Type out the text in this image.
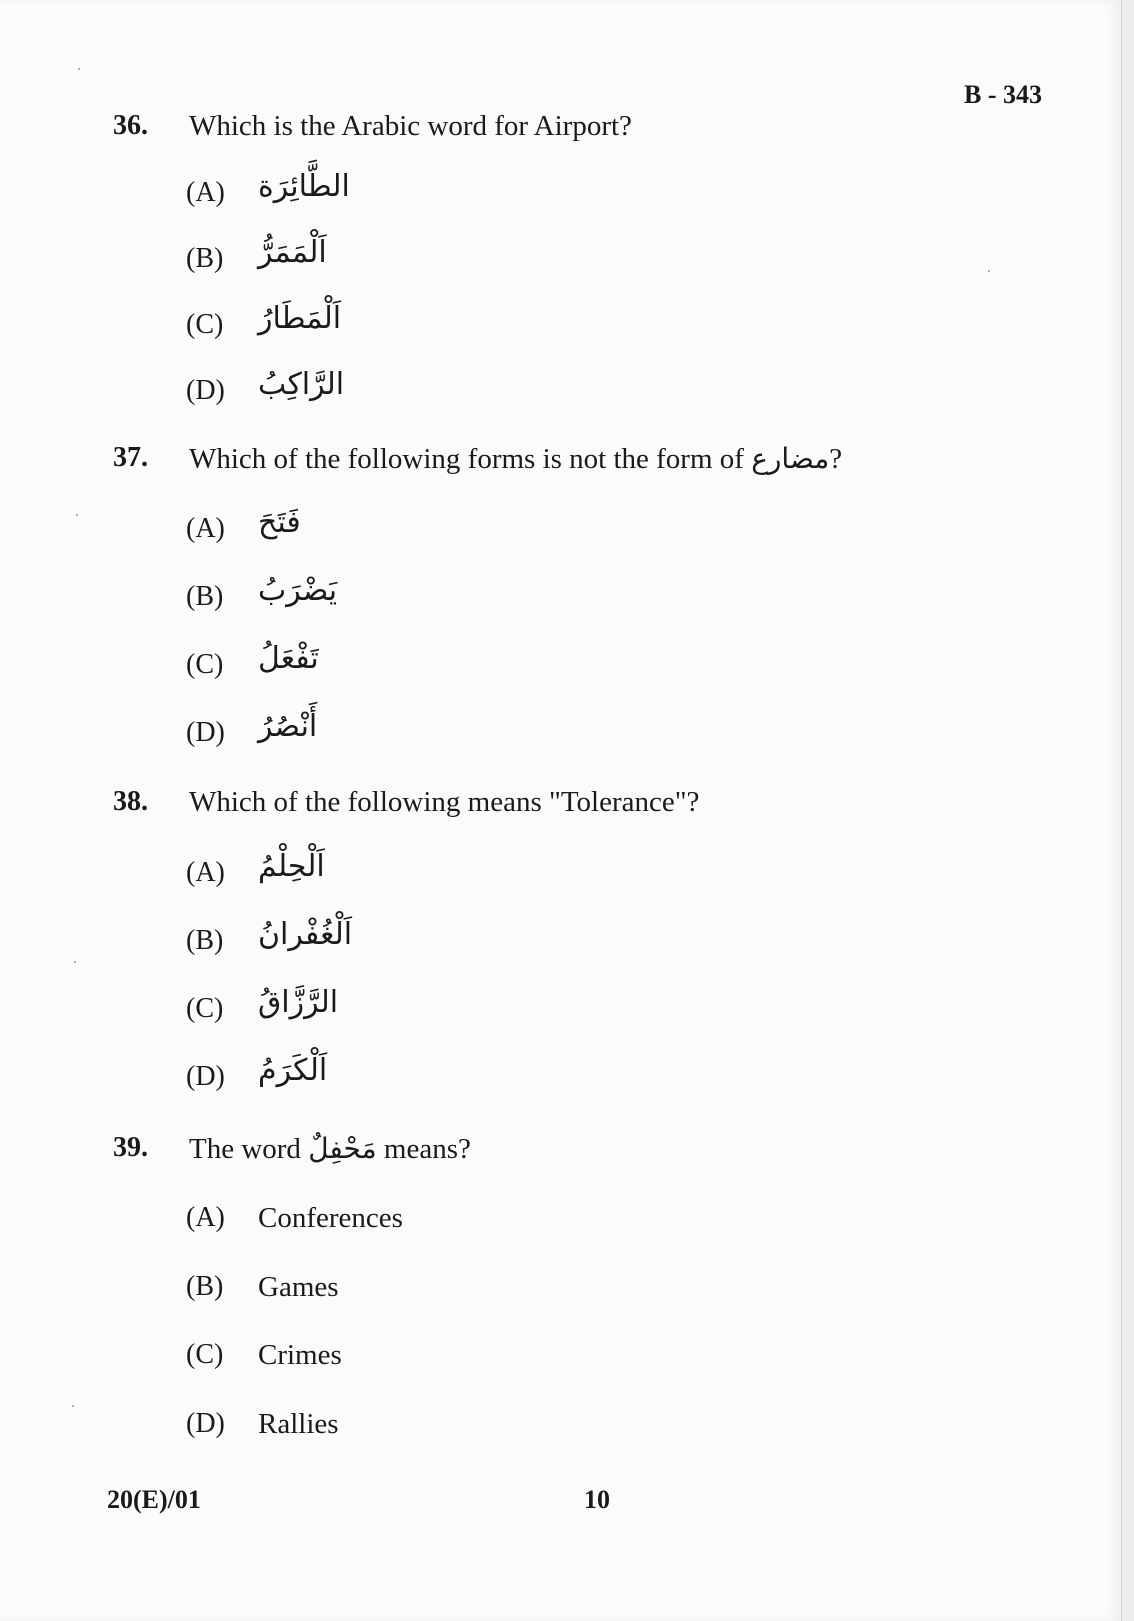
B - 343
36. Which is the Arabic word for Airport?
(A)	الطَّائِرَة
(B)	اَلْمَمَرُّ
(C)	اَلْمَطَارُ
(D)	الرَّاكِبُ
37. Which of the following forms is not the form of مضارع?
(A)	فَتَحَ
(B)	يَضْرَبُ
(C)	تَفْعَلُ
(D)	أَنْصُرُ
38. Which of the following means "Tolerance"?
(A)	اَلْحِلْمُ
(B)	اَلْغُفْرانُ
(C)	الرَّزَّاقُ
(D)	اَلْكَرَمُ
39. The word مَحْفِلٌ means?
(A)	Conferences
(B)	Games
(C)	Crimes
(D)	Rallies
20(E)/01	10
